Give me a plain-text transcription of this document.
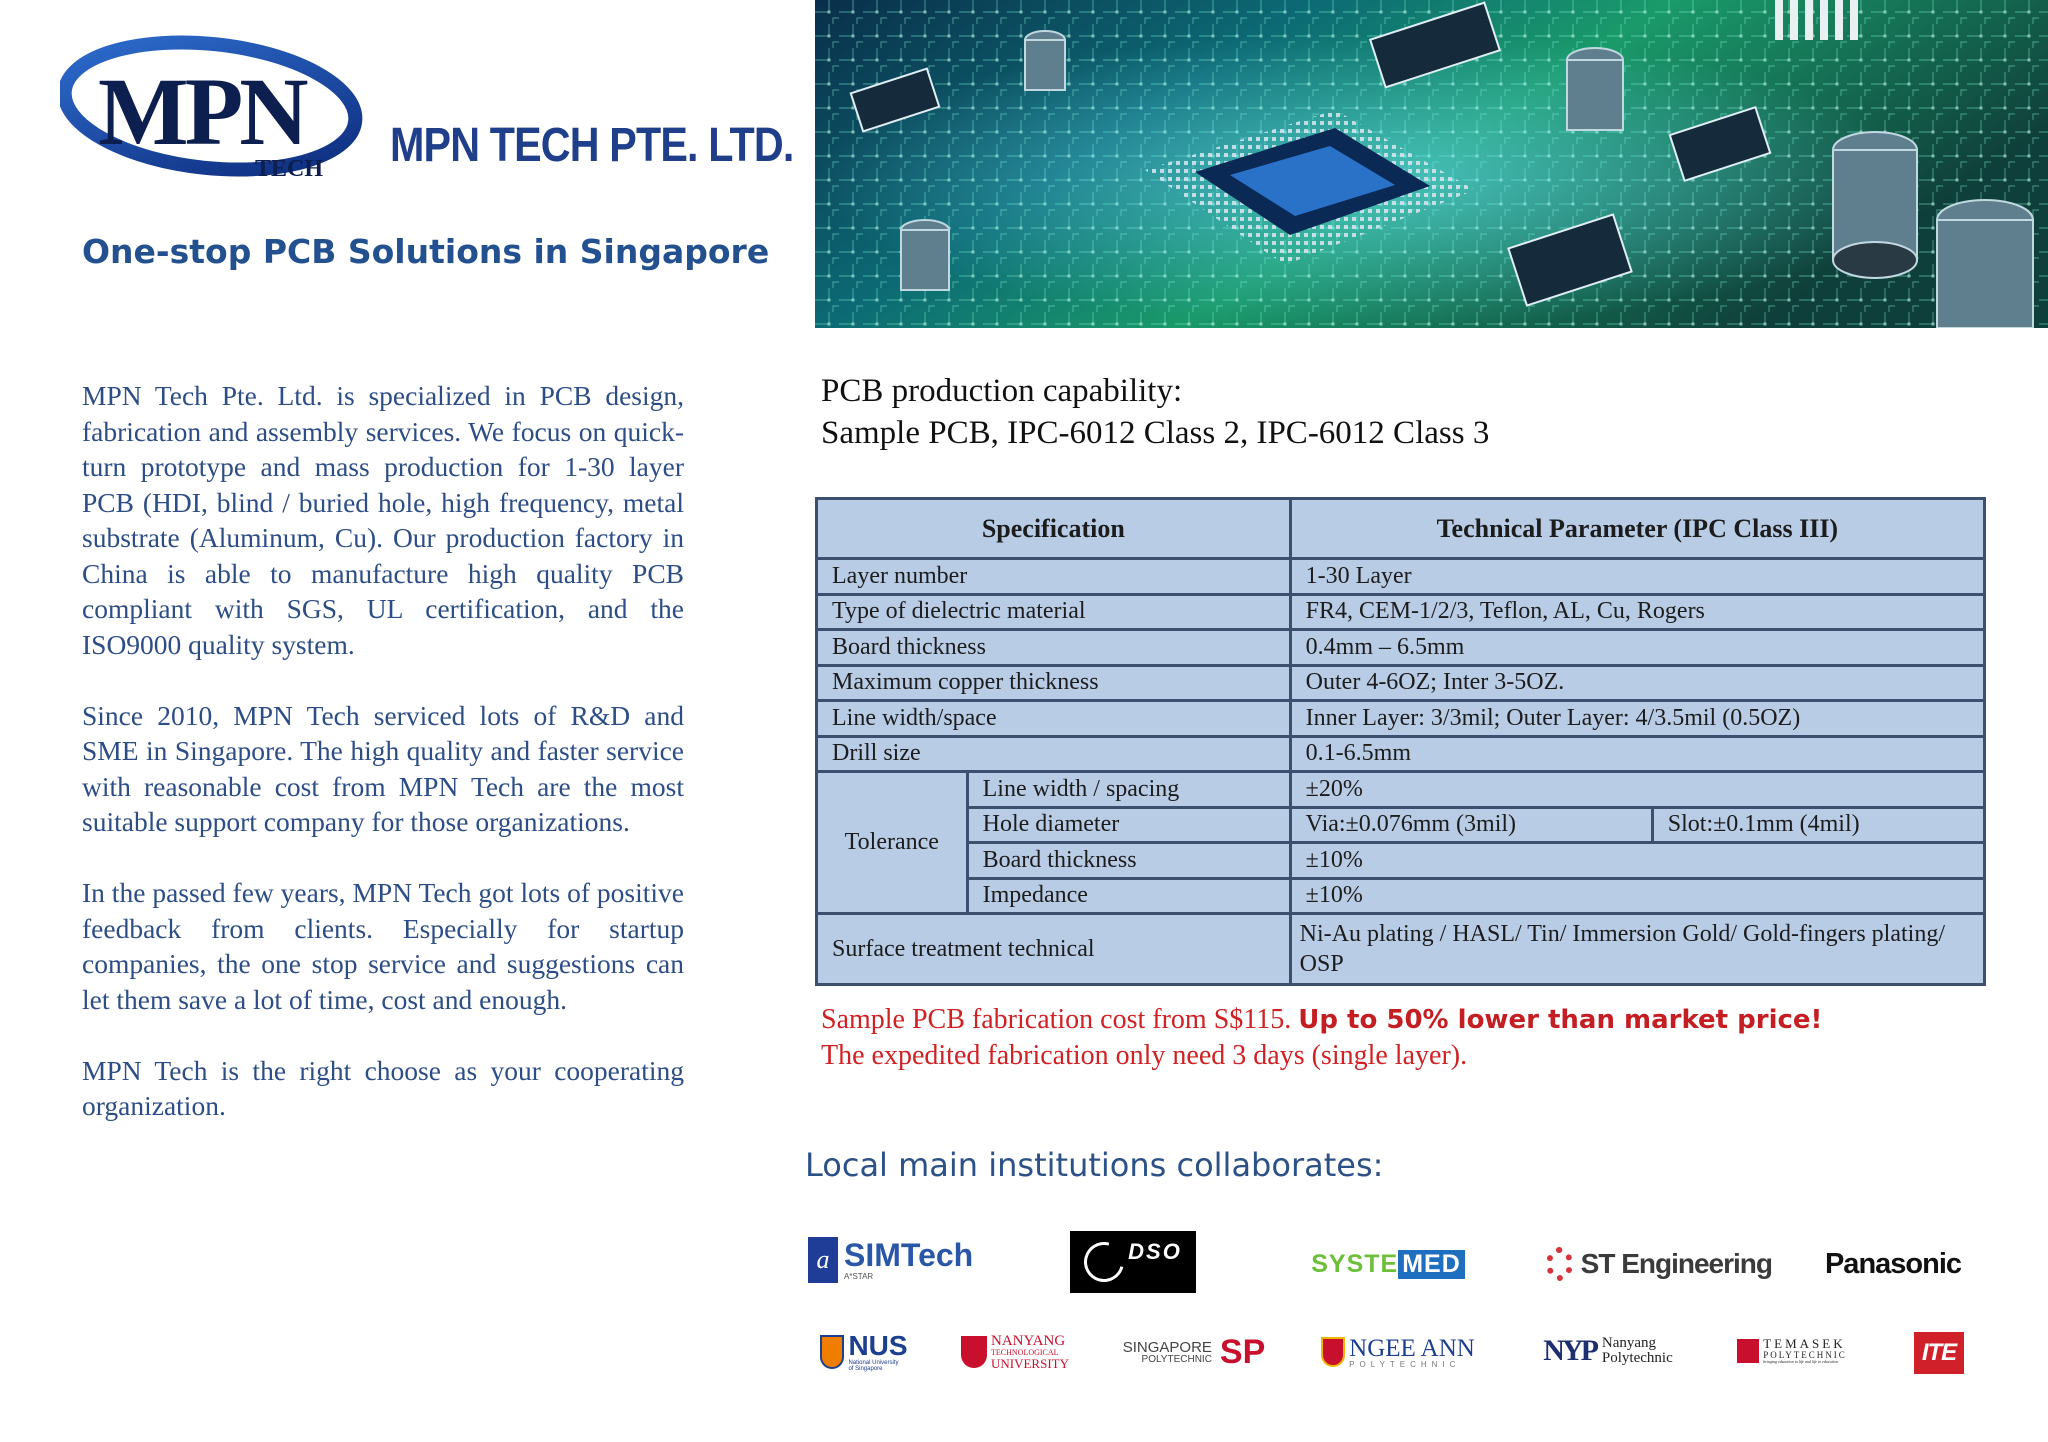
MPN
TECH MPN TECH PTE. LTD.
One-stop PCB Solutions in Singapore

MPN Tech Pte. Ltd. is specialized in PCB design, fabrication and assembly services. We focus on quick-turn prototype and mass production for 1-30 layer PCB (HDI, blind / buried hole, high frequency, metal substrate (Aluminum, Cu). Our production factory in China is able to manufacture high quality PCB compliant with SGS, UL certification, and the ISO9000 quality system.

Since 2010, MPN Tech serviced lots of R&D and SME in Singapore. The high quality and faster service with reasonable cost from MPN Tech are the most suitable support company for those organizations.

In the passed few years, MPN Tech got lots of positive feedback from clients. Especially for startup companies, the one stop service and suggestions can let them save a lot of time, cost and enough.

MPN Tech is the right choose as your cooperating organization.

PCB production capability:
Sample PCB, IPC-6012 Class 2, IPC-6012 Class 3
Specification		Technical Parameter (IPC Class III)	
Layer number		1-30 Layer	
Type of dielectric material		FR4, CEM-1/2/3, Teflon, AL, Cu, Rogers	
Board thickness		0.4mm – 6.5mm	
Maximum copper thickness		Outer 4-6OZ; Inter 3-5OZ.	
Line width/space		Inner Layer: 3/3mil; Outer Layer: 4/3.5mil (0.5OZ)	
Drill size		0.1-6.5mm	
Tolerance	Line width / spacing	±20%	
	Hole diameter	Via:±0.076mm (3mil)	Slot:±0.1mm (4mil)
	Board thickness	±10%	
	Impedance	±10%	
Surface treatment technical		Ni-Au plating / HASL/ Tin/ Immersion Gold/ Gold-fingers plating/ OSP	
Sample PCB fabrication cost from S$115. Up to 50% lower than market price!
The expedited fabrication only need 3 days (single layer).
Local main institutions collaborates:
a SIMTech
A*STAR
DSO	SYSTE MED	ST Engineering Panasonic
NUS
National University
of Singapore
NANYANG
TECHNOLOGICAL
UNIVERSITY
SINGAPORE
POLYTECHNIC SP	NGEE ANN
POLYTECHNIC	NYP Nanyang
Polytechnic
TEMASEK
POLYTECHNIC
bringing education to life and life to education	ITE
